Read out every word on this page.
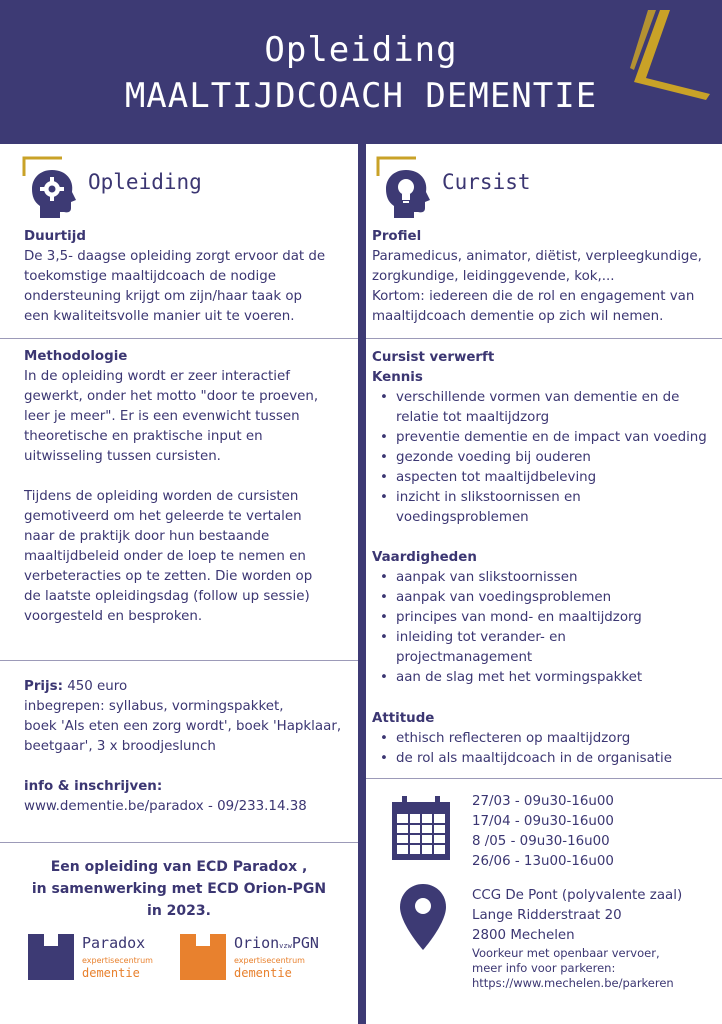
Opleiding
MAALTIJDCOACH DEMENTIE
Opleiding
Duurtijd
De 3,5- daagse opleiding zorgt ervoor dat de
toekomstige maaltijdcoach de nodige
ondersteuning krijgt om zijn/haar taak op
een kwaliteitsvolle manier uit te voeren.
Methodologie
In de opleiding wordt er zeer interactief
gewerkt, onder het motto "door te proeven,
leer je meer". Er is een evenwicht tussen
theoretische en praktische input en
uitwisseling tussen cursisten.
Tijdens de opleiding worden de cursisten
gemotiveerd om het geleerde te vertalen
naar de praktijk door hun bestaande
maaltijdbeleid onder de loep te nemen en
verbeteracties op te zetten. Die worden op
de laatste opleidingsdag (follow up sessie)
voorgesteld en besproken.
Prijs: 450 euro
inbegrepen: syllabus, vormingspakket,
boek 'Als eten een zorg wordt', boek 'Hapklaar,
beetgaar', 3 x broodjeslunch
info & inschrijven:
www.dementie.be/paradox - 09/233.14.38
Een opleiding van ECD Paradox ,
in samenwerking met ECD Orion-PGN
in 2023.
Paradox
expertisecentrum
dementie
OrionvzwPGN
expertisecentrum
dementie
Cursist
Profiel
Paramedicus, animator, diëtist, verpleegkundige,
zorgkundige, leidinggevende, kok,...
Kortom: iedereen die de rol en engagement van
maaltijdcoach dementie op zich wil nemen.
Cursist verwerft
Kennis
• verschillende vormen van dementie en de
relatie tot maaltijdzorg
• preventie dementie en de impact van voeding
• gezonde voeding bij ouderen
• aspecten tot maaltijdbeleving
• inzicht in slikstoornissen en
voedingsproblemen
Vaardigheden
• aanpak van slikstoornissen
• aanpak van voedingsproblemen
• principes van mond- en maaltijdzorg
• inleiding tot verander- en
projectmanagement
• aan de slag met het vormingspakket
Attitude
• ethisch reflecteren op maaltijdzorg
• de rol als maaltijdcoach in de organisatie
27/03 - 09u30-16u00
17/04 - 09u30-16u00
8 /05 - 09u30-16u00
26/06 - 13u00-16u00
CCG De Pont (polyvalente zaal)
Lange Ridderstraat 20
2800 Mechelen
Voorkeur met openbaar vervoer,
meer info voor parkeren:
https://www.mechelen.be/parkeren
